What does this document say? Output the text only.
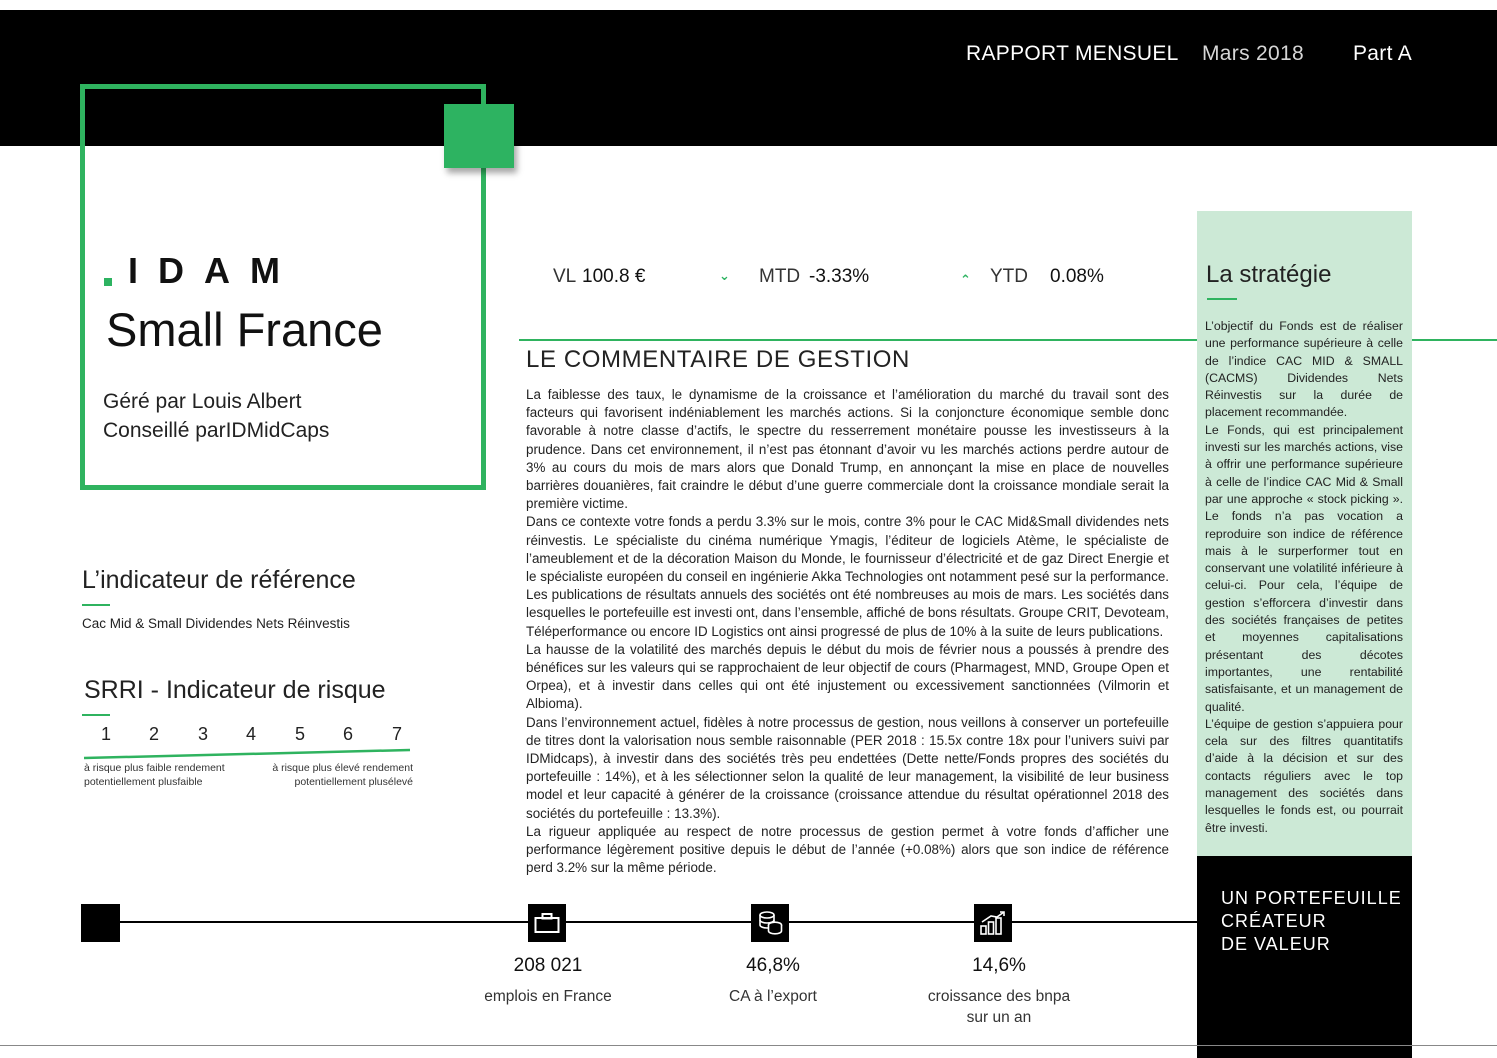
RAPPORT MENSUEL Mars 2018 Part A
IDAM
Small France
Géré par Louis Albert
Conseillé parIDMidCaps
VL 100.8 €	⌄ MTD -3.33%	⌃ YTD 0.08%
LE COMMENTAIRE DE GESTION

La faiblesse des taux, le dynamisme de la croissance et l’amélioration du marché du travail sont des facteurs qui favorisent indéniablement les marchés actions. Si la conjoncture économique semble donc favorable à notre classe d’actifs, le spectre du resserrement monétaire pousse les investisseurs à la prudence. Dans cet environnement, il n’est pas étonnant d’avoir vu les marchés actions perdre autour de 3% au cours du mois de mars alors que Donald Trump, en annonçant la mise en place de nouvelles barrières douanières, fait craindre le début d’une guerre commerciale dont la croissance mondiale serait la première victime.

Dans ce contexte votre fonds a perdu 3.3% sur le mois, contre 3% pour le CAC Mid&Small dividendes nets réinvestis. Le spécialiste du cinéma numérique Ymagis, l’éditeur de logiciels Atème, le spécialiste de l’ameublement et de la décoration Maison du Monde, le fournisseur d’électricité et de gaz Direct Energie et le spécialiste européen du conseil en ingénierie Akka Technologies ont notamment pesé sur la performance. Les publications de résultats annuels des sociétés ont été nombreuses au mois de mars. Les sociétés dans lesquelles le portefeuille est investi ont, dans l’ensemble, affiché de bons résultats. Groupe CRIT, Devoteam, Téléperformance ou encore ID Logistics ont ainsi progressé de plus de 10% à la suite de leurs publications.

La hausse de la volatilité des marchés depuis le début du mois de février nous a poussés à prendre des bénéfices sur les valeurs qui se rapprochaient de leur objectif de cours (Pharmagest, MND, Groupe Open et Orpea), et à investir dans celles qui ont été injustement ou excessivement sanctionnées (Vilmorin et Albioma).

Dans l’environnement actuel, fidèles à notre processus de gestion, nous veillons à conserver un portefeuille de titres dont la valorisation nous semble raisonnable (PER 2018 : 15.5x contre 18x pour l’univers suivi par IDMidcaps), à investir dans des sociétés très peu endettées (Dette nette/Fonds propres des sociétés du portefeuille : 14%), et à les sélectionner selon la qualité de leur management, la visibilité de leur business model et leur capacité à générer de la croissance (croissance attendue du résultat opérationnel 2018 des sociétés du portefeuille : 13.3%).

La rigueur appliquée au respect de notre processus de gestion permet à votre fonds d’afficher une performance légèrement positive depuis le début de l’année (+0.08%) alors que son indice de référence perd 3.2% sur la même période.

La stratégie

L’objectif du Fonds est de réaliser une performance supérieure à celle de l’indice CAC MID & SMALL (CACMS) Dividendes Nets Réinvestis sur la durée de placement recommandée.

Le Fonds, qui est principalement investi sur les marchés actions, vise à offrir une performance supérieure à celle de l’indice CAC Mid & Small par une approche « stock picking ». Le fonds n’a pas vocation a reproduire son indice de référence mais à le surperformer tout en conservant une volatilité inférieure à celui-ci. Pour cela, l’équipe de gestion s’efforcera d’investir dans des sociétés françaises de petites et moyennes capitalisations présentant des décotes importantes, une rentabilité satisfaisante, et un management de qualité.

L’équipe de gestion s’appuiera pour cela sur des filtres quantitatifs d’aide à la décision et sur des contacts réguliers avec le top management des sociétés dans lesquelles le fonds est, ou pourrait être investi.

UN PORTEFEUILLE
CRÉATEUR
DE VALEUR
L’indicateur de référence
Cac Mid & Small Dividendes Nets Réinvestis
SRRI - Indicateur de risque
1 2 3 4 5 6 7
à risque plus faible rendement
potentiellement plusfaible
à risque plus élevé rendement
potentiellement plusélevé
208 021
emplois en France
46,8%
CA à l’export
14,6%
croissance des bnpa
sur un an
